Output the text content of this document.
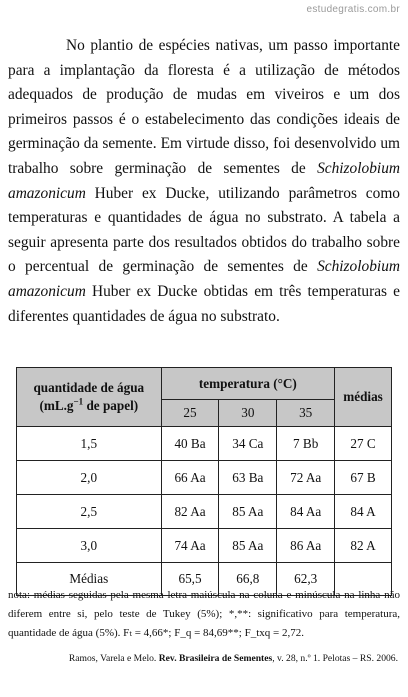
estudegratis.com.br

No plantio de espécies nativas, um passo importante para a implantação da floresta é a utilização de métodos adequados de produção de mudas em viveiros e um dos primeiros passos é o estabelecimento das condições ideais de germinação da semente. Em virtude disso, foi desenvolvido um trabalho sobre germinação de sementes de Schizolobium amazonicum Huber ex Ducke, utilizando parâmetros como temperaturas e quantidades de água no substrato. A tabela a seguir apresenta parte dos resultados obtidos do trabalho sobre o percentual de germinação de sementes de Schizolobium amazonicum Huber ex Ducke obtidas em três temperaturas e diferentes quantidades de água no substrato.

quantidade de água
($mL.g^{-1}$ de papel)	temperatura (°C)			médias
	25	30	35	
1,5	40 Ba	34 Ca	7 Bb	27 C
2,0	66 Aa	63 Ba	72 Aa	67 B
2,5	82 Aa	85 Aa	84 Aa	84 A
3,0	74 Aa	85 Aa	86 Aa	82 A
Médias	65,5	66,8	62,3	

nota: médias seguidas pela mesma letra maiúscula na coluna e minúscula na linha não diferem entre si, pelo teste de Tukey (5%); *,**: significativo para temperatura, quantidade de água (5%). Fₜ = 4,66*; F_q = 84,69**; F_txq = 2,72.

Ramos, Varela e Melo. Rev. Brasileira de Sementes, v. 28, n.º 1. Pelotas – RS. 2006.
